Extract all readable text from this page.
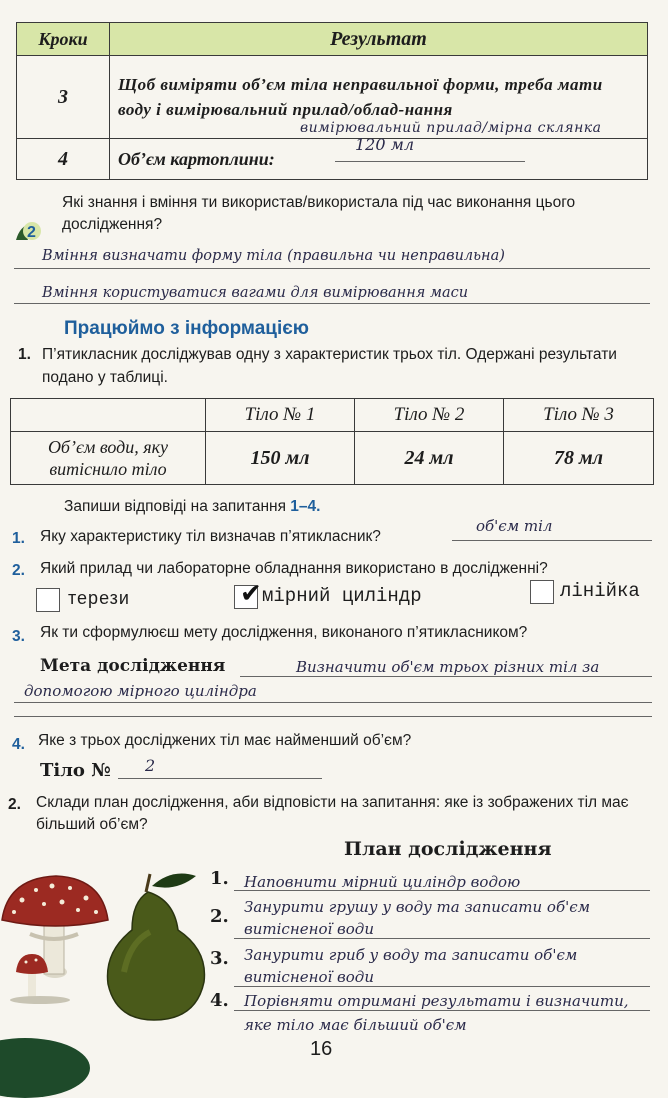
Кроки	Результат
3	Щоб виміряти об’єм тіла неправильної форми, треба мати воду і вимірювальний прилад/облад-нання
вимірювальний прилад/мірна склянка

4	Об’єм картоплини:
120 мл
2
Які знання і вміння ти використав/використала під час виконання цього дослідження?
Вміння визначати форму тіла (правильна чи неправильна)
Вміння користуватися вагами для вимірювання маси
Працюймо з інформацією
1. П’ятикласник досліджував одну з характеристик трьох тіл. Одержані результати подано у таблиці.
	Тіло № 1	Тіло № 2	Тіло № 3
Об’єм води, яку витіснило тіло	150 мл	24 мл	78 мл
Запиши відповіді на запитання 1–4.
1. Яку характеристику тіл визначав п’ятикласник?
об'єм тіл
2. Який прилад чи лабораторне обладнання використано в дослідженні?
терези	✔ мірний циліндр	лінійка
3. Як ти сформулюєш мету дослідження, виконаного п’ятикласником?
Мета дослідження	Визначити об'єм трьох різних тіл за
допомогою мірного циліндра
4. Яке з трьох досліджених тіл має найменший об’єм?
Тіло № 2
2. Склади план дослідження, аби відповісти на запитання: яке із зображених тіл має більший об’єм?
План дослідження
1. Наповнити мірний циліндр водою
2. Занурити грушу у воду та записати об'єм
витісненої води
3. Занурити гриб у воду та записати об'єм
витісненої води
4. Порівняти отримані результати і визначити,
яке тіло має більший об'єм
16
